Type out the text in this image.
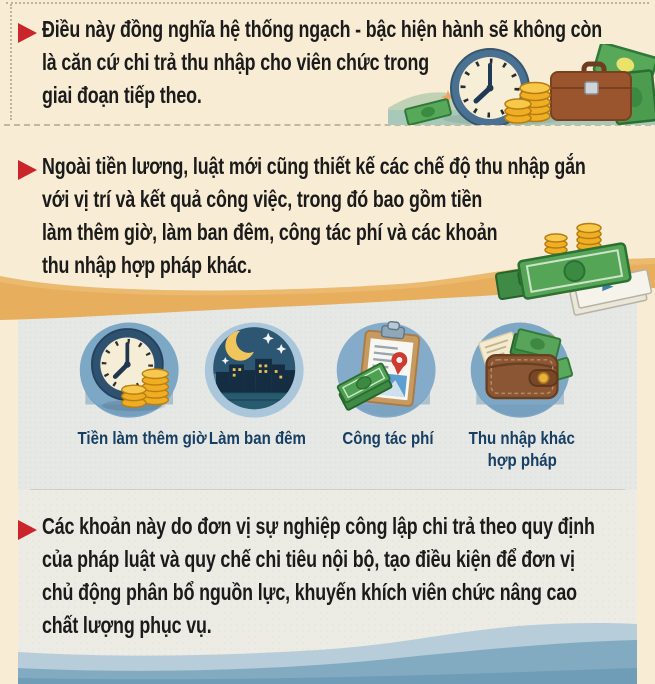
Điều này đồng nghĩa hệ thống ngạch - bậc hiện hành sẽ không còn
là căn cứ chi trả thu nhập cho viên chức trong
giai đoạn tiếp theo.
Ngoài tiền lương, luật mới cũng thiết kế các chế độ thu nhập gắn
với vị trí và kết quả công việc, trong đó bao gồm tiền
làm thêm giờ, làm ban đêm, công tác phí và các khoản
thu nhập hợp pháp khác.
Tiền làm thêm giờ Làm ban đêm	Công tác phí	Thu nhập khác
hợp pháp
Các khoản này do đơn vị sự nghiệp công lập chi trả theo quy định
của pháp luật và quy chế chi tiêu nội bộ, tạo điều kiện để đơn vị
chủ động phân bổ nguồn lực, khuyến khích viên chức nâng cao
chất lượng phục vụ.
